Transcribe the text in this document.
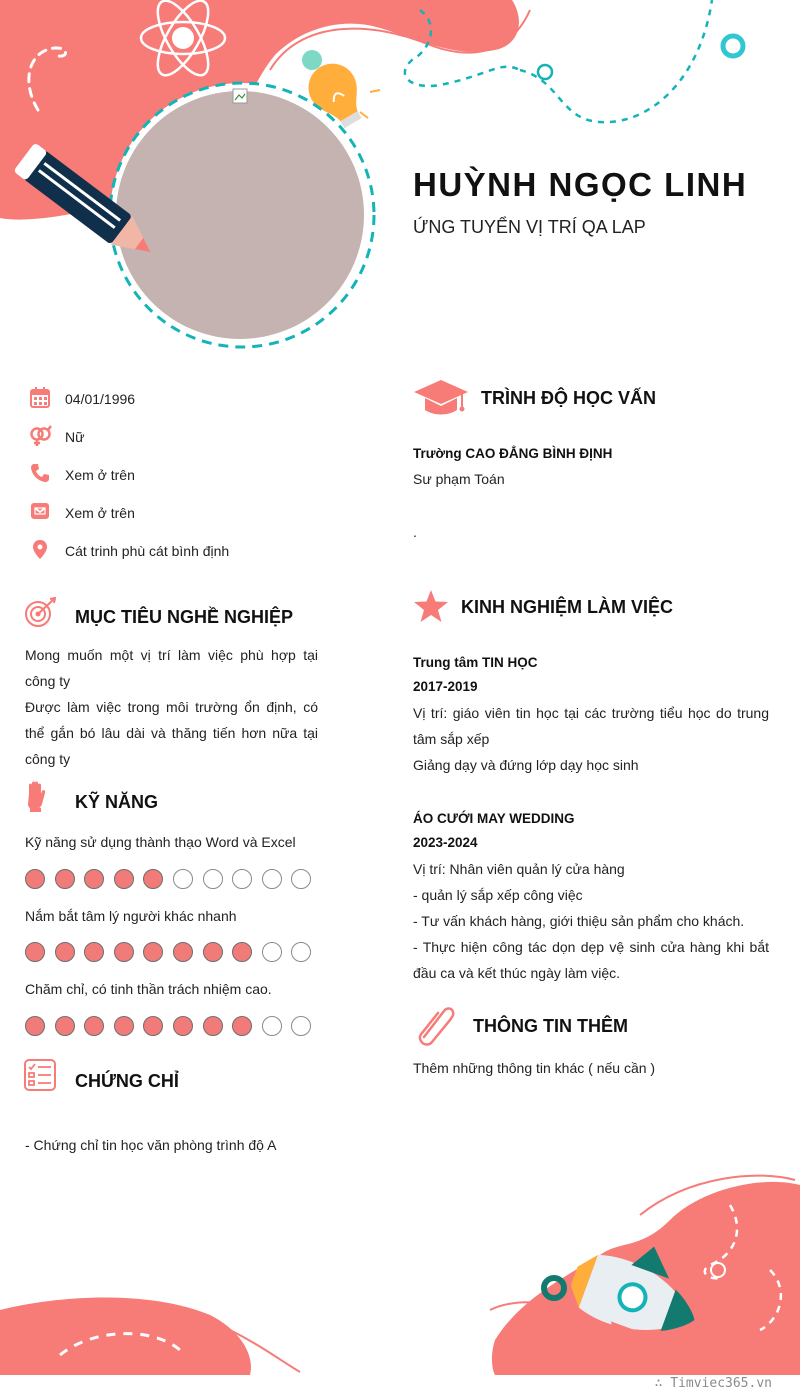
HUỲNH NGỌC LINH
ỨNG TUYỂN VỊ TRÍ QA LAP
04/01/1996
Nữ
Xem ở trên
Xem ở trên
Cát trinh phù cát bình định
MỤC TIÊU NGHỀ NGHIỆP
Mong muốn một vị trí làm việc phù hợp tại công ty
Được làm việc trong môi trường ổn định, có thể gắn bó lâu dài và thăng tiến hơn nữa tại công ty
KỸ NĂNG
Kỹ năng sử dụng thành thạo Word và Excel
Nắm bắt tâm lý người khác nhanh
Chăm chỉ, có tinh thần trách nhiệm cao.
CHỨNG CHỈ
- Chứng chỉ tin học văn phòng trình độ A
TRÌNH ĐỘ HỌC VẤN
Trường CAO ĐẲNG BÌNH ĐỊNH
Sư phạm Toán
.
KINH NGHIỆM LÀM VIỆC
Trung tâm TIN HỌC
2017-2019
Vị trí: giáo viên tin học tại các trường tiểu học do trung tâm sắp xếp
Giảng dạy và đứng lớp dạy học sinh
ÁO CƯỚI MAY WEDDING
2023-2024
Vị trí: Nhân viên quản lý cửa hàng
- quản lý sắp xếp công việc
- Tư vấn khách hàng, giới thiệu sản phẩm cho khách.
- Thực hiện công tác dọn dẹp vệ sinh cửa hàng khi bắt đầu ca và kết thúc ngày làm việc.
THÔNG TIN THÊM
Thêm những thông tin khác ( nếu cần )
∴ Timviec365.vn
